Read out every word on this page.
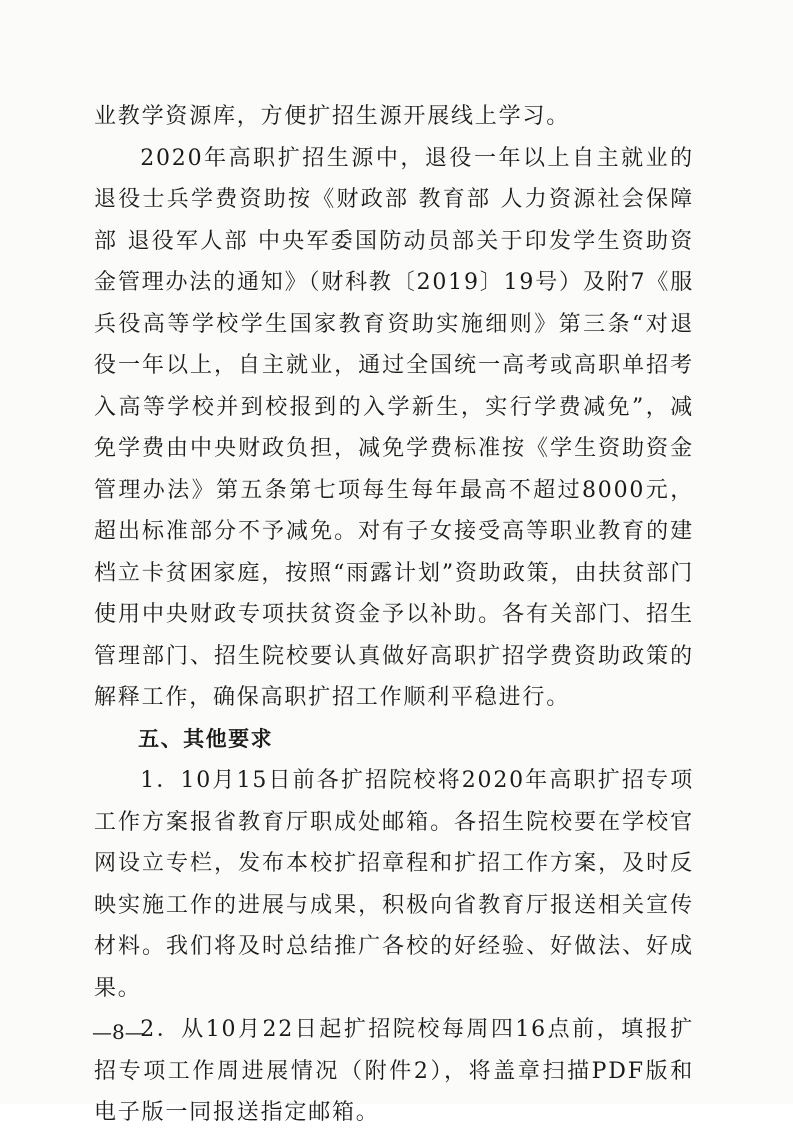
业教学资源库，方便扩招生源开展线上学习。

2020年高职扩招生源中，退役一年以上自主就业的退役士兵学费资助按《财政部 教育部 人力资源社会保障部 退役军人部 中央军委国防动员部关于印发学生资助资金管理办法的通知》（财科教〔2019〕19号）及附7《服兵役高等学校学生国家教育资助实施细则》第三条“对退役一年以上，自主就业，通过全国统一高考或高职单招考入高等学校并到校报到的入学新生，实行学费减免”，减免学费由中央财政负担，减免学费标准按《学生资助资金管理办法》第五条第七项每生每年最高不超过8000元，超出标准部分不予减免。对有子女接受高等职业教育的建档立卡贫困家庭，按照“雨露计划”资助政策，由扶贫部门使用中央财政专项扶贫资金予以补助。各有关部门、招生管理部门、招生院校要认真做好高职扩招学费资助政策的解释工作，确保高职扩招工作顺利平稳进行。

五、其他要求

1．10月15日前各扩招院校将2020年高职扩招专项工作方案报省教育厅职成处邮箱。各招生院校要在学校官网设立专栏，发布本校扩招章程和扩招工作方案，及时反映实施工作的进展与成果，积极向省教育厅报送相关宣传材料。我们将及时总结推广各校的好经验、好做法、好成果。

2．从10月22日起扩招院校每周四16点前，填报扩招专项工作周进展情况（附件2），将盖章扫描PDF版和电子版一同报送指定邮箱。

—8—
